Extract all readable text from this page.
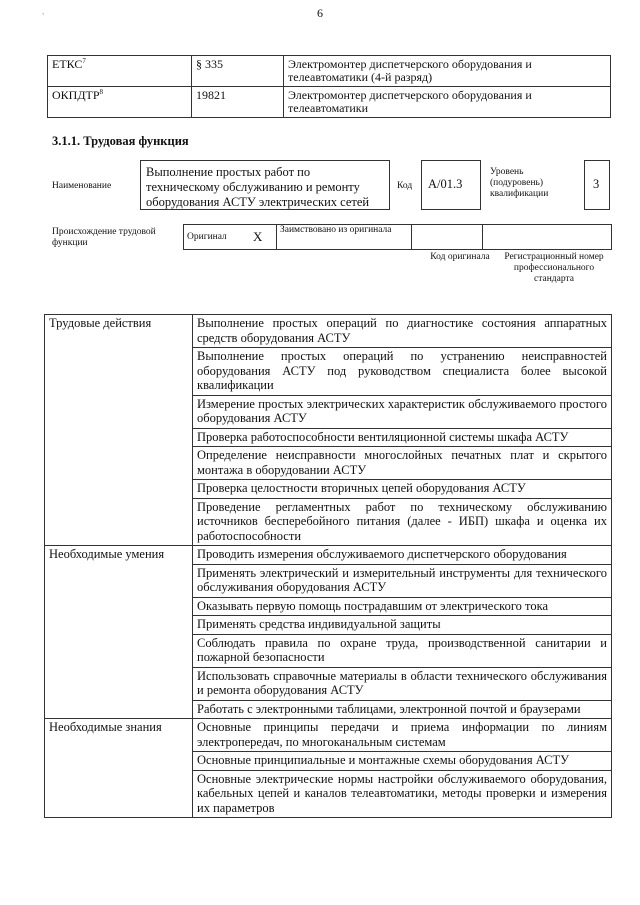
`	6
ЕТКС$^7$	§ 335	Электромонтер диспетчерского оборудования и телеавтоматики (4-й разряд)
ОКПДТР$^8$	19821	Электромонтер диспетчерского оборудования и телеавтоматики
3.1.1. Трудовая функция
Наименование
Выполнение простых работ по техническому обслуживанию и ремонту оборудования АСТУ электрических сетей
Код	А/01.3
Уровень (подуровень) квалификации
3
Происхождение трудовой функции
Оригинал	X	Заимствовано из оригинала		
Код оригинала	Регистрационный номер профессионального стандарта
Трудовые действия	Выполнение простых операций по диагностике состояния аппаратных средств оборудования АСТУ
	Выполнение простых операций по устранению неисправностей оборудования АСТУ под руководством специалиста более высокой квалификации
	Измерение простых электрических характеристик обслуживаемого простого оборудования АСТУ
	Проверка работоспособности вентиляционной системы шкафа АСТУ
	Определение неисправности многослойных печатных плат и скрытого монтажа в оборудовании АСТУ
	Проверка целостности вторичных цепей оборудования АСТУ
	Проведение регламентных работ по техническому обслуживанию источников бесперебойного питания (далее - ИБП) шкафа и оценка их работоспособности
Необходимые умения	Проводить измерения обслуживаемого диспетчерского оборудования
	Применять электрический и измерительный инструменты для технического обслуживания оборудования АСТУ
	Оказывать первую помощь пострадавшим от электрического тока
	Применять средства индивидуальной защиты
	Соблюдать правила по охране труда, производственной санитарии и пожарной безопасности
	Использовать справочные материалы в области технического обслуживания и ремонта оборудования АСТУ
	Работать с электронными таблицами, электронной почтой и браузерами
Необходимые знания	Основные принципы передачи и приема информации по линиям электропередач, по многоканальным системам
	Основные принципиальные и монтажные схемы оборудования АСТУ
	Основные электрические нормы настройки обслуживаемого оборудования, кабельных цепей и каналов телеавтоматики, методы проверки и измерения их параметров
